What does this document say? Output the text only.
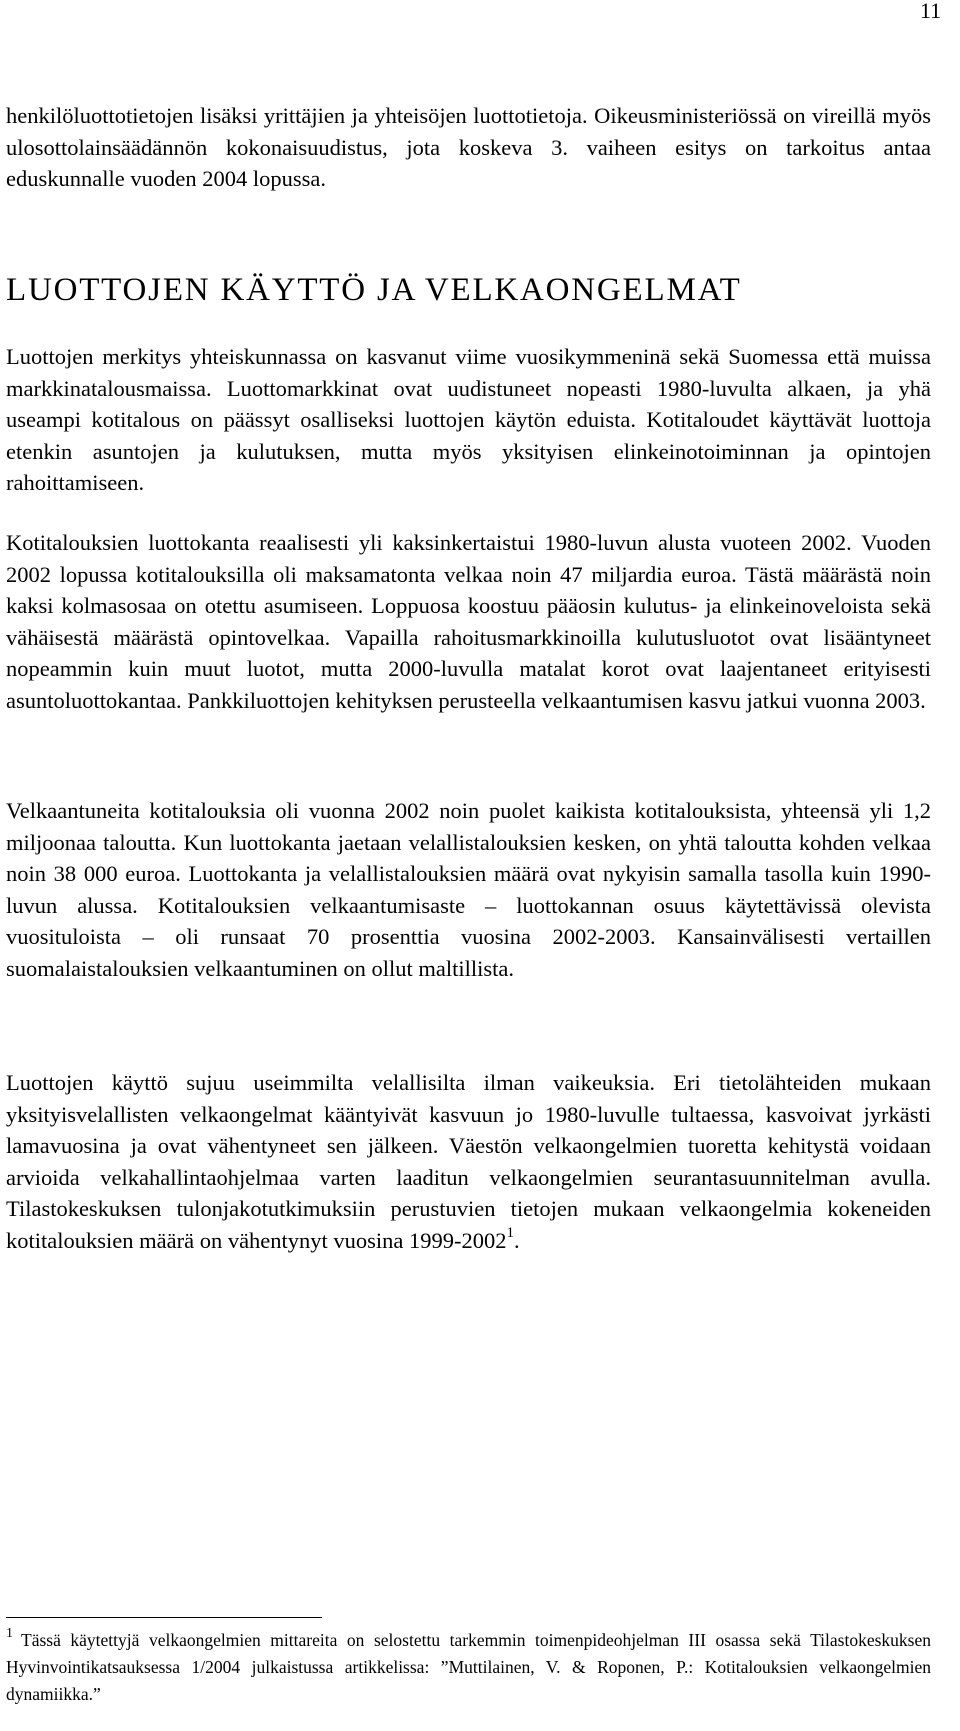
11

henkilöluottotietojen lisäksi yrittäjien ja yhteisöjen luottotietoja. Oikeusministeriössä on vireillä myös ulosottolainsäädännön kokonaisuudistus, jota koskeva 3. vaiheen esitys on tarkoitus antaa eduskunnalle vuoden 2004 lopussa.

LUOTTOJEN KÄYTTÖ JA VELKAONGELMAT

Luottojen merkitys yhteiskunnassa on kasvanut viime vuosikymmeninä sekä Suomessa että muissa markkinatalousmaissa. Luottomarkkinat ovat uudistuneet nopeasti 1980-luvulta alkaen, ja yhä useampi kotitalous on päässyt osalliseksi luottojen käytön eduista. Kotitaloudet käyttävät luottoja etenkin asuntojen ja kulutuksen, mutta myös yksityisen elinkeinotoiminnan ja opintojen rahoittamiseen.

Kotitalouksien luottokanta reaalisesti yli kaksinkertaistui 1980-luvun alusta vuoteen 2002. Vuoden 2002 lopussa kotitalouksilla oli maksamatonta velkaa noin 47 miljardia euroa. Tästä määrästä noin kaksi kolmasosaa on otettu asumiseen. Loppuosa koostuu pääosin kulutus- ja elinkeinoveloista sekä vähäisestä määrästä opintovelkaa. Vapailla rahoitusmarkkinoilla kulutusluotot ovat lisääntyneet nopeammin kuin muut luotot, mutta 2000-luvulla matalat korot ovat laajentaneet erityisesti asuntoluottokantaa. Pankkiluottojen kehityksen perusteella velkaantumisen kasvu jatkui vuonna 2003.

Velkaantuneita kotitalouksia oli vuonna 2002 noin puolet kaikista kotitalouksista, yhteensä yli 1,2 miljoonaa taloutta. Kun luottokanta jaetaan velallistalouksien kesken, on yhtä taloutta kohden velkaa noin 38 000 euroa. Luottokanta ja velallistalouksien määrä ovat nykyisin samalla tasolla kuin 1990-luvun alussa. Kotitalouksien velkaantumisaste – luottokannan osuus käytettävissä olevista vuosituloista – oli runsaat 70 prosenttia vuosina 2002-2003. Kansainvälisesti vertaillen suomalaistalouksien velkaantuminen on ollut maltillista.

Luottojen käyttö sujuu useimmilta velallisilta ilman vaikeuksia. Eri tietolähteiden mukaan yksityisvelallisten velkaongelmat kääntyivät kasvuun jo 1980-luvulle tultaessa, kasvoivat jyrkästi lamavuosina ja ovat vähentyneet sen jälkeen. Väestön velkaongelmien tuoretta kehitystä voidaan arvioida velkahallintaohjelmaa varten laaditun velkaongelmien seurantasuunnitelman avulla. Tilastokeskuksen tulonjakotutkimuksiin perustuvien tietojen mukaan velkaongelmia kokeneiden kotitalouksien määrä on vähentynyt vuosina 1999-2002$^1$.

$^1$ Tässä käytettyjä velkaongelmien mittareita on selostettu tarkemmin toimenpideohjelman III osassa sekä Tilastokeskuksen Hyvinvointikatsauksessa 1/2004 julkaistussa artikkelissa: ”Muttilainen, V. & Roponen, P.: Kotitalouksien velkaongelmien dynamiikka.”
